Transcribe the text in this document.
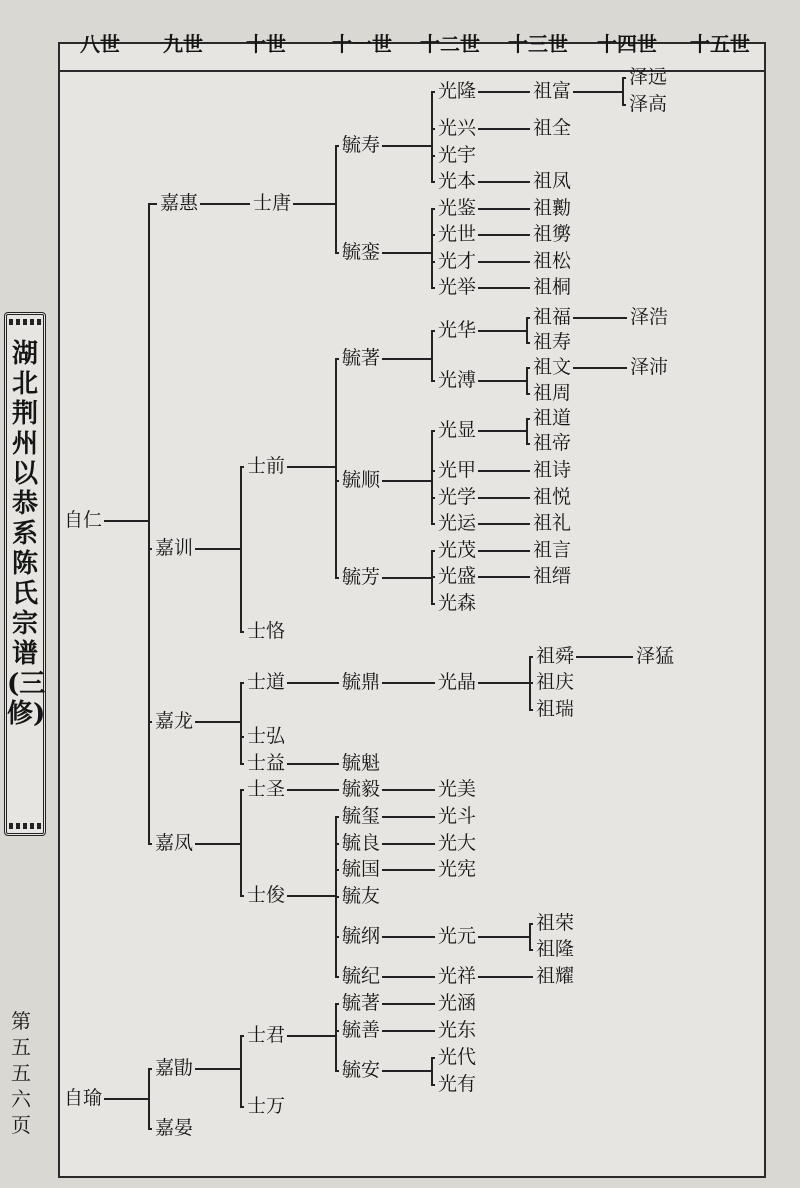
湖北荆州以恭系陈氏宗谱(三修)
第五五六页
八世 九世 十世 十一世 十二世 十三世 十四世 十五世
自仁
自瑜
嘉惠
嘉训
嘉龙
嘉凤
嘉勖
嘉晏
士唐
士前
士恪
士道
士弘
士益
士圣
士俊
士君
士万
毓寿
毓銮
毓著
毓顺
毓芳
毓鼎
毓魁
毓毅
毓玺
毓良
毓国
毓友
毓纲
毓纪
毓著
毓善
毓安
光隆
光兴
光宇
光本
光鉴
光世
光才
光举
光华
光溥
光显
光甲
光学
光运
光茂
光盛
光森
光晶
光美
光斗
光大
光宪
光元
光祥
光涵
光东
光代
光有
祖富
祖全
祖凤
祖勷
祖勶
祖松
祖桐
祖福
祖寿
祖文
祖周
祖道
祖帝
祖诗
祖悦
祖礼
祖言
祖缙
祖舜
祖庆
祖瑞
祖荣
祖隆
祖耀
泽远
泽高
泽浩
泽沛
泽猛
